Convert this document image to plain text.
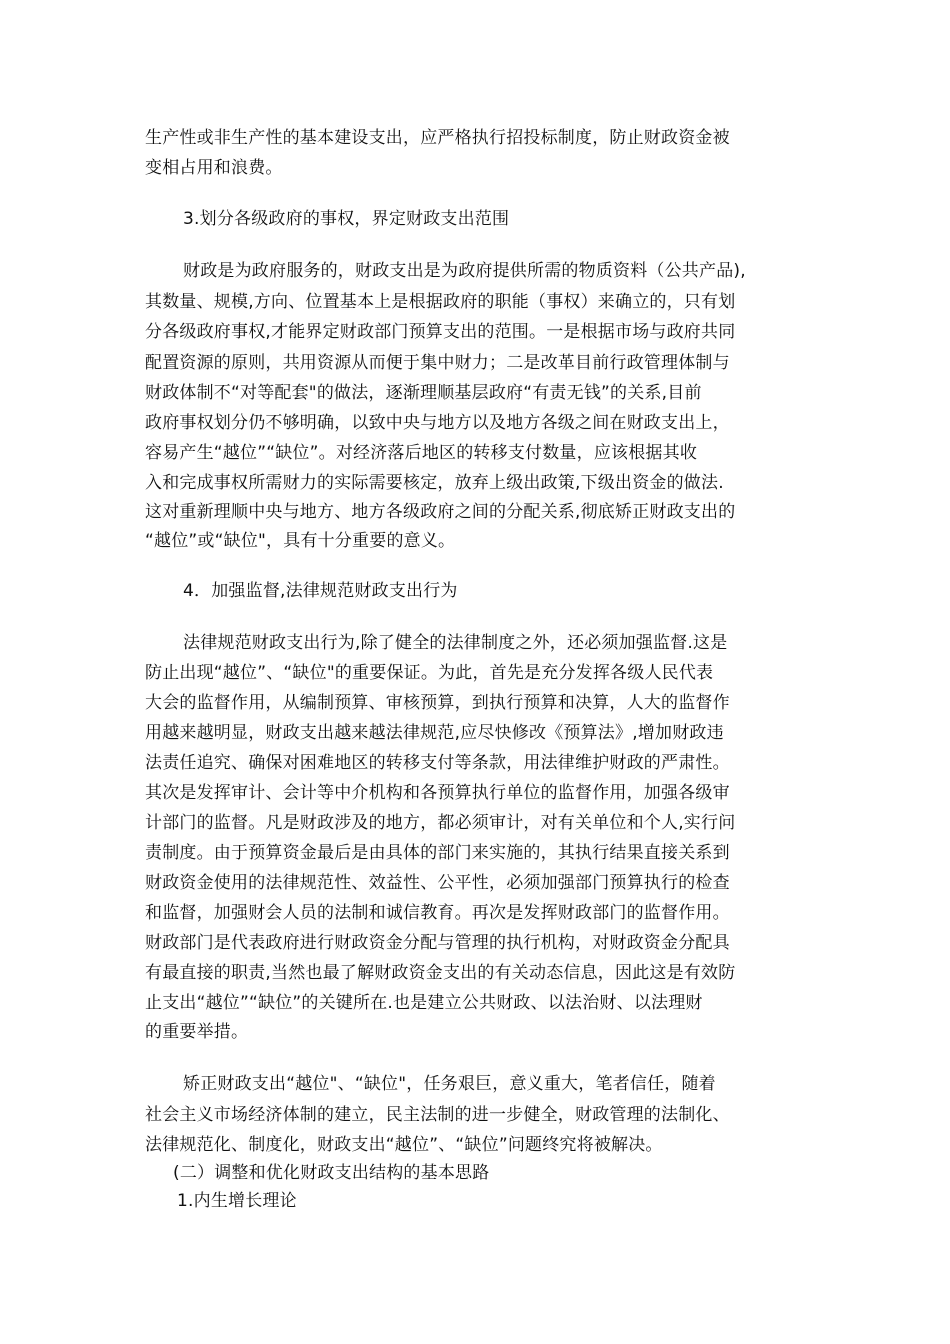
生产性或非生产性的基本建设支出，应严格执行招投标制度，防止财政资金被
变相占用和浪费。
3.划分各级政府的事权，界定财政支出范围
财政是为政府服务的，财政支出是为政府提供所需的物质资料（公共产品),
其数量、规模,方向、位置基本上是根据政府的职能（事权）来确立的，只有划
分各级政府事权,才能界定财政部门预算支出的范围。一是根据市场与政府共同
配置资源的原则，共用资源从而便于集中财力；二是改革目前行政管理体制与
财政体制不“对等配套"的做法，逐渐理顺基层政府“有责无钱”的关系,目前
政府事权划分仍不够明确，以致中央与地方以及地方各级之间在财政支出上，
容易产生“越位”“缺位”。对经济落后地区的转移支付数量，应该根据其收
入和完成事权所需财力的实际需要核定，放弃上级出政策,下级出资金的做法.
这对重新理顺中央与地方、地方各级政府之间的分配关系,彻底矫正财政支出的
“越位”或“缺位"，具有十分重要的意义。
4．加强监督,法律规范财政支出行为
法律规范财政支出行为,除了健全的法律制度之外，还必须加强监督.这是
防止出现“越位”、“缺位"的重要保证。为此，首先是充分发挥各级人民代表
大会的监督作用，从编制预算、审核预算，到执行预算和决算，人大的监督作
用越来越明显，财政支出越来越法律规范,应尽快修改《预算法》,增加财政违
法责任追究、确保对困难地区的转移支付等条款，用法律维护财政的严肃性。
其次是发挥审计、会计等中介机构和各预算执行单位的监督作用，加强各级审
计部门的监督。凡是财政涉及的地方，都必须审计，对有关单位和个人,实行问
责制度。由于预算资金最后是由具体的部门来实施的，其执行结果直接关系到
财政资金使用的法律规范性、效益性、公平性，必须加强部门预算执行的检查
和监督，加强财会人员的法制和诚信教育。再次是发挥财政部门的监督作用。
财政部门是代表政府进行财政资金分配与管理的执行机构，对财政资金分配具
有最直接的职责,当然也最了解财政资金支出的有关动态信息，因此这是有效防
止支出“越位”“缺位”的关键所在.也是建立公共财政、以法治财、以法理财
的重要举措。
矫正财政支出“越位"、“缺位"，任务艰巨，意义重大，笔者信任，随着
社会主义市场经济体制的建立，民主法制的进一步健全，财政管理的法制化、
法律规范化、制度化，财政支出“越位”、“缺位”问题终究将被解决。
(二）调整和优化财政支出结构的基本思路
1.内生增长理论
